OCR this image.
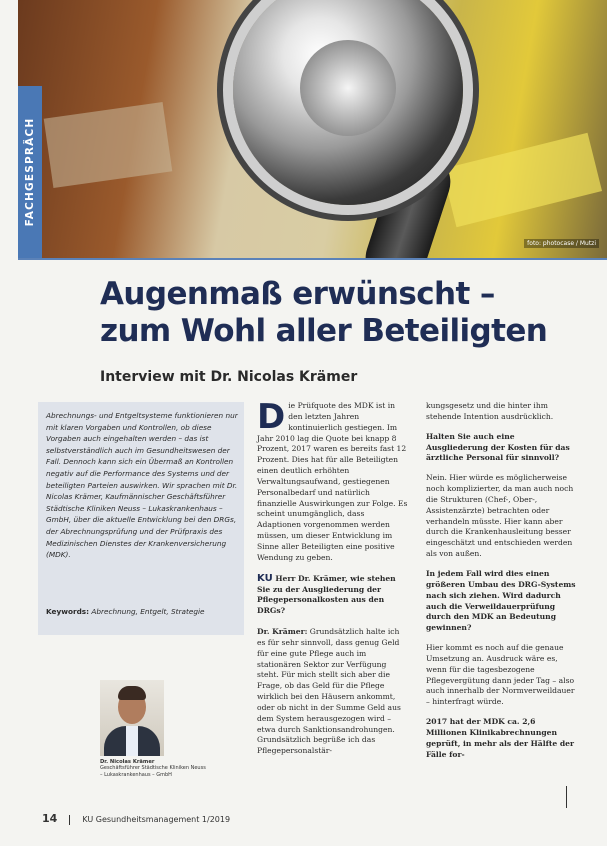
foto: photocase / Mutzi
FACHGESPRÄCH
Augenmaß erwünscht –
zum Wohl aller Beteiligten
Interview mit Dr. Nicolas Krämer
Abrechnungs- und Entgeltsysteme funktionieren nur mit klaren Vorgaben und Kontrollen, ob diese Vorgaben auch eingehalten werden – das ist selbstverständlich auch im Gesundheitswesen der Fall. Dennoch kann sich ein Übermaß an Kontrollen negativ auf die Performance des Systems und der beteiligten Parteien auswirken. Wir sprachen mit Dr. Nicolas Krämer, Kaufmännischer Geschäftsführer Städtische Kliniken Neuss – Lukaskrankenhaus – GmbH, über die aktuelle Entwicklung bei den DRGs, der Abrechnungsprüfung und der Prüfpraxis des Medizinischen Dienstes der Krankenversicherung (MDK).
Keywords: Abrechnung, Entgelt, Strategie
Dr. Nicolas Krämer
Geschäftsführer Städtische Kliniken Neuss
– Lukaskrankenhaus – GmbH

Die Prüfquote des MDK ist in den letzten Jahren kontinuierlich gestiegen. Im Jahr 2010 lag die Quote bei knapp 8 Prozent, 2017 waren es bereits fast 12 Prozent. Dies hat für alle Beteiligten einen deutlich erhöhten Verwaltungsaufwand, gestiegenen Personalbedarf und natürlich finanzielle Auswirkungen zur Folge. Es scheint unumgänglich, dass Adaptionen vorgenommen werden müssen, um dieser Entwicklung im Sinne aller Beteiligten eine positive Wendung zu geben.

KU Herr Dr. Krämer, wie stehen Sie zu der Ausgliederung der Pflegepersonalkosten aus den DRGs?

Dr. Krämer: Grundsätzlich halte ich es für sehr sinnvoll, dass genug Geld für eine gute Pflege auch im stationären Sektor zur Verfügung steht. Für mich stellt sich aber die Frage, ob das Geld für die Pflege wirklich bei den Häusern ankommt, oder ob nicht in der Summe Geld aus dem System herausgezogen wird – etwa durch Sanktionsandrohungen. Grundsätzlich begrüße ich das Pflegepersonalstär-

kungsgesetz und die hinter ihm stehende Intention ausdrücklich.

Halten Sie auch eine Ausgliederung der Kosten für das ärztliche Personal für sinnvoll?

Nein. Hier würde es möglicherweise noch komplizierter, da man auch noch die Strukturen (Chef-, Ober-, Assistenzärzte) betrachten oder verhandeln müsste. Hier kann aber durch die Krankenhausleitung besser eingeschätzt und entschieden werden als von außen.

In jedem Fall wird dies einen größeren Umbau des DRG-Systems nach sich ziehen. Wird dadurch auch die Verweildauerprüfung durch den MDK an Bedeutung gewinnen?

Hier kommt es noch auf die genaue Umsetzung an. Ausdruck wäre es, wenn für die tagesbezogene Pflegevergütung dann jeder Tag – also auch innerhalb der Normverweildauer – hinterfragt würde.

2017 hat der MDK ca. 2,6 Millionen Klinikabrechnungen geprüft, in mehr als der Hälfte der Fälle for-

14	KU Gesundheitsmanagement 1/2019
